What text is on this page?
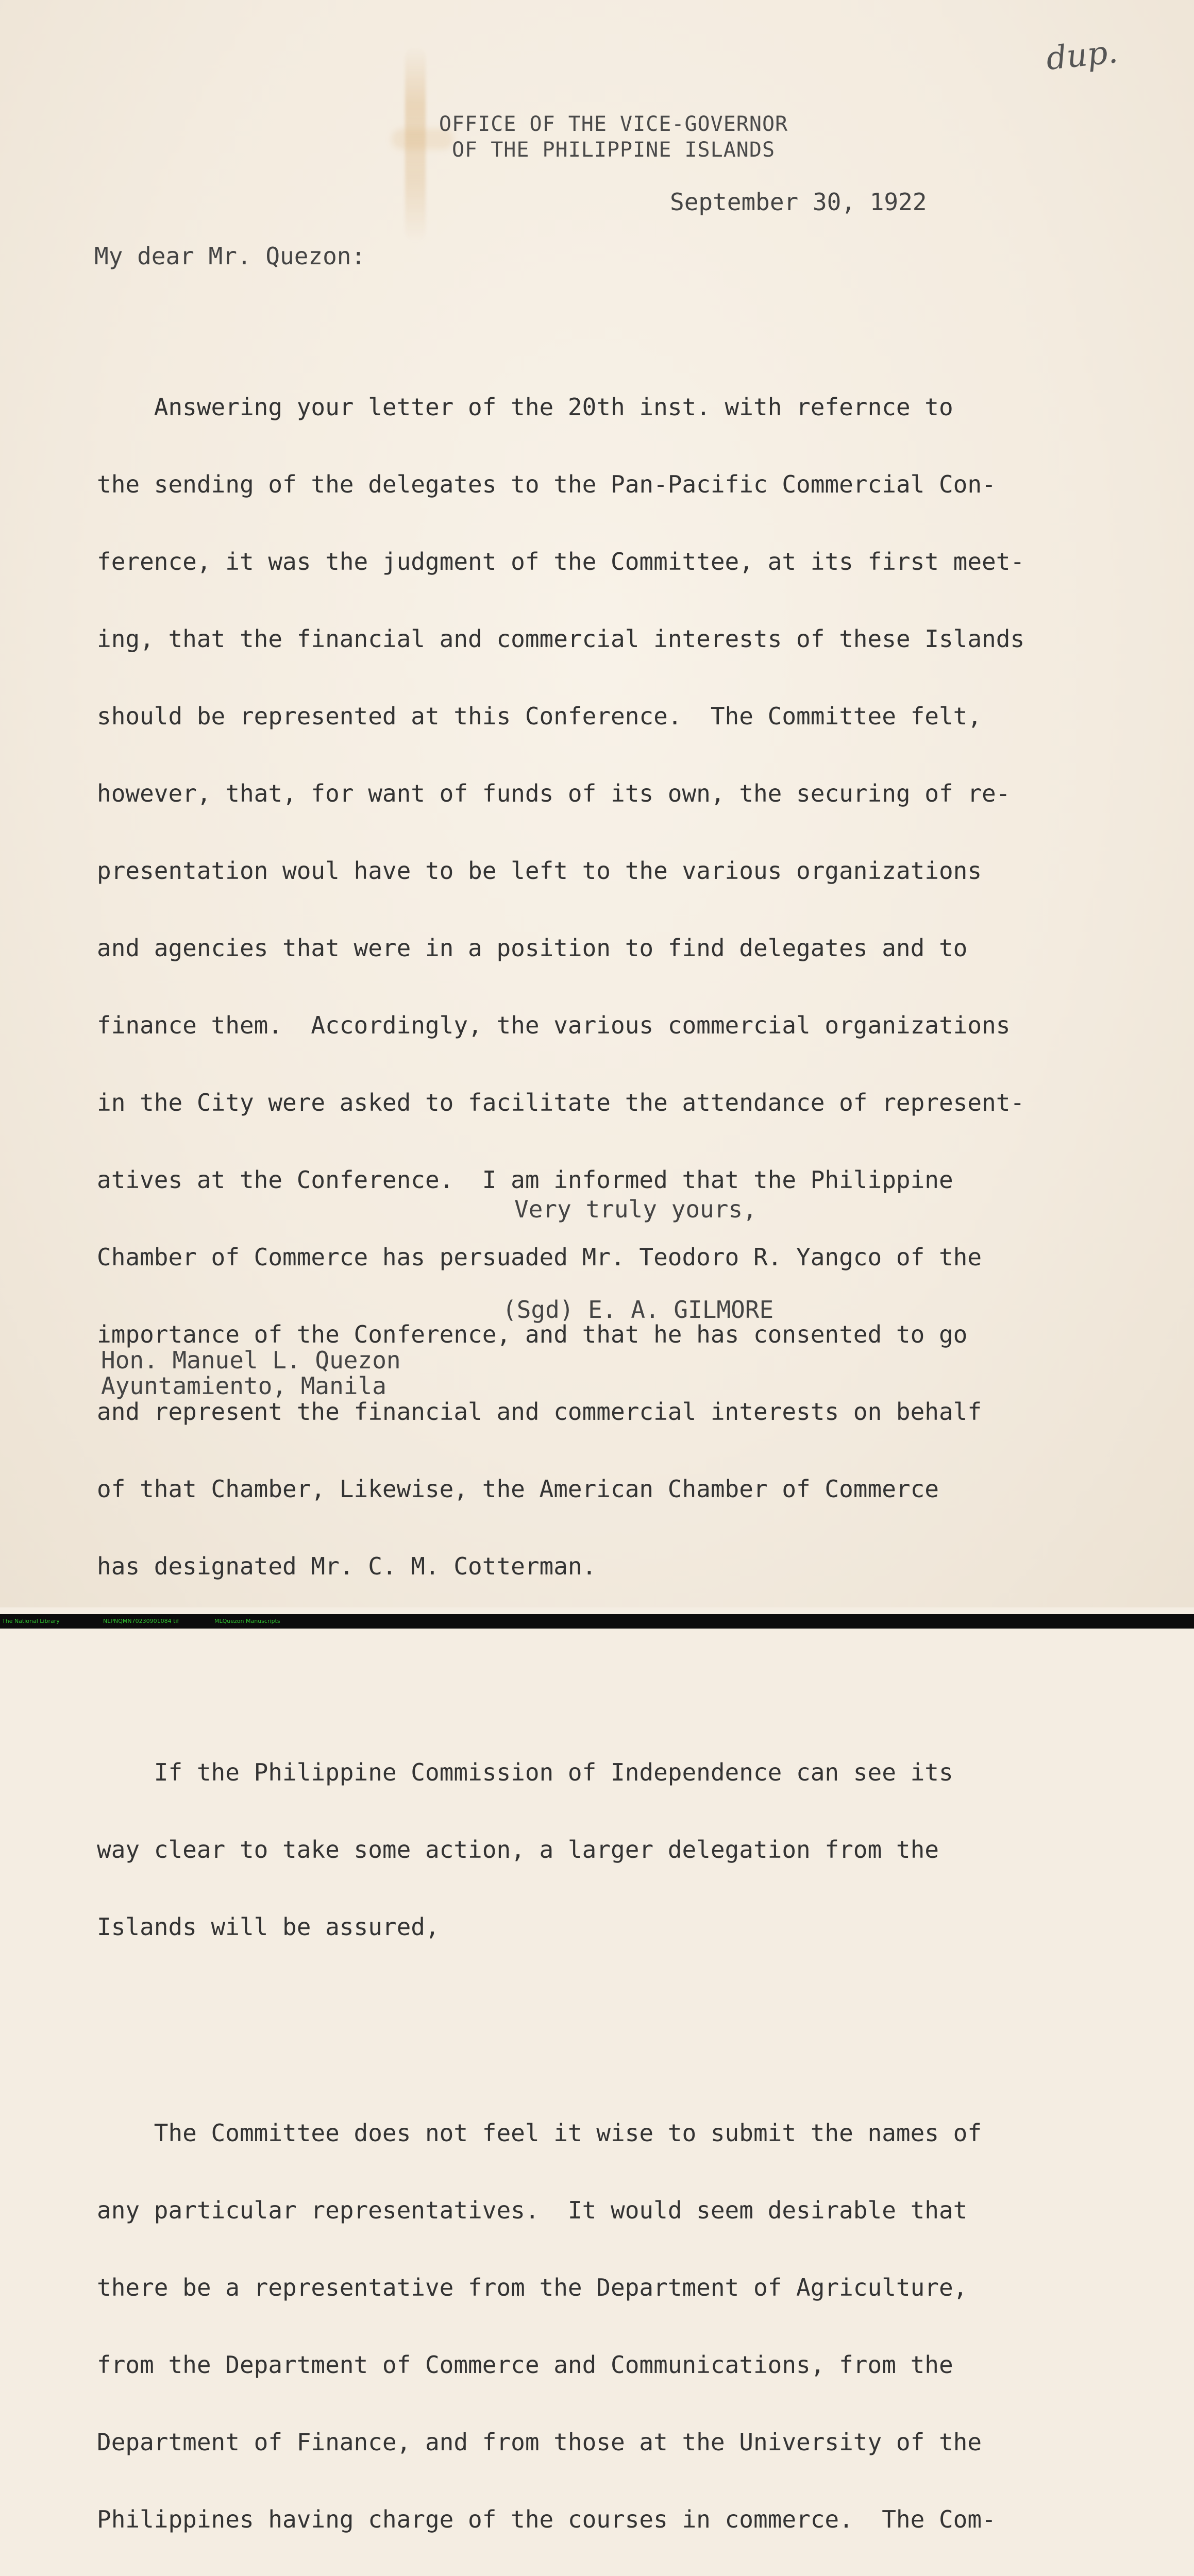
dup.
OFFICE OF THE VICE-GOVERNOR
OF THE PHILIPPINE ISLANDS
September 30, 1922
My dear Mr. Quezon:

Answering your letter of the 20th inst. with refernce to

the sending of the delegates to the Pan-Pacific Commercial Con-

ference, it was the judgment of the Committee, at its first meet-

ing, that the financial and commercial interests of these Islands

should be represented at this Conference.  The Committee felt,

however, that, for want of funds of its own, the securing of re-

presentation woul have to be left to the various organizations

and agencies that were in a position to find delegates and to

finance them.  Accordingly, the various commercial organizations

in the City were asked to facilitate the attendance of represent-

atives at the Conference.  I am informed that the Philippine

Chamber of Commerce has persuaded Mr. Teodoro R. Yangco of the

importance of the Conference, and that he has consented to go

and represent the financial and commercial interests on behalf

of that Chamber, Likewise, the American Chamber of Commerce

has designated Mr. C. M. Cotterman.

If the Philippine Commission of Independence can see its

way clear to take some action, a larger delegation from the

Islands will be assured,

The Committee does not feel it wise to submit the names of

any particular representatives.  It would seem desirable that

there be a representative from the Department of Agriculture,

from the Department of Commerce and Communications, from the

Department of Finance, and from those at the University of the

Philippines having charge of the courses in commerce.  The Com-

Very truly yours,
(Sgd) E. A. GILMORE
Hon. Manuel L. Quezon
Ayuntamiento, Manila
The National Library	NLPNQMN70230901084 tif	MLQuezon Manuscripts
